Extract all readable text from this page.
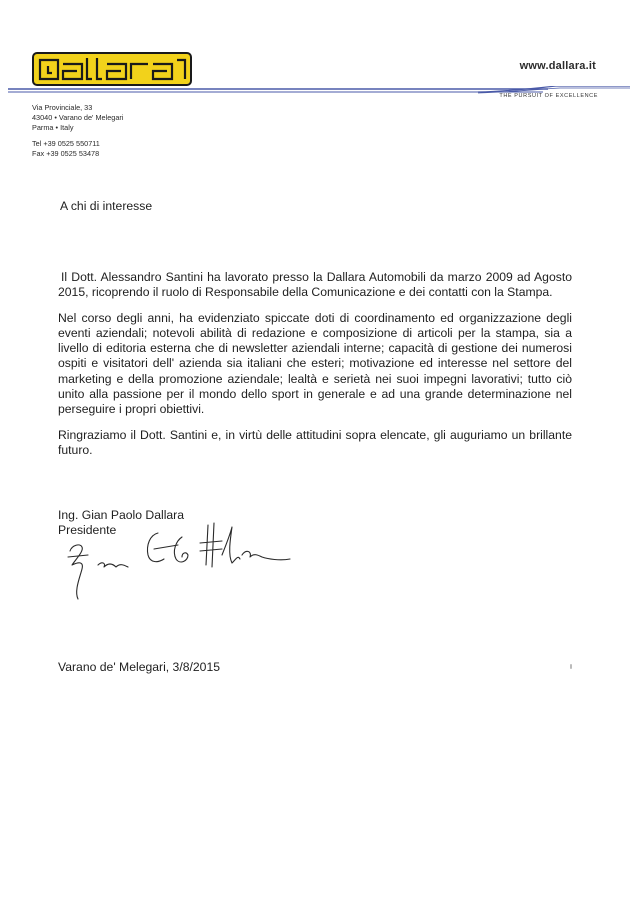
www.dallara.it
THE PURSUIT OF EXCELLENCE
Via Provinciale, 33
43040 • Varano de' Melegari
Parma • Italy
Tel +39 0525 550711
Fax +39 0525 53478
A chi di interesse

Il Dott. Alessandro Santini ha lavorato presso la Dallara Automobili da marzo 2009 ad Agosto 2015, ricoprendo il ruolo di Responsabile della Comunicazione e dei contatti con la Stampa.

Nel corso degli anni, ha evidenziato spiccate doti di coordinamento ed organizzazione degli eventi aziendali; notevoli abilità di redazione e composizione di articoli per la stampa, sia a livello di editoria esterna che di newsletter aziendali interne; capacità di gestione dei numerosi ospiti e visitatori dell' azienda sia italiani che esteri; motivazione ed interesse nel settore del marketing e della promozione aziendale; lealtà e serietà nei suoi impegni lavorativi; tutto ciò unito alla passione per il mondo dello sport in generale e ad una grande determinazione nel perseguire i propri obiettivi.

Ringraziamo il Dott. Santini e, in virtù delle attitudini sopra elencate, gli auguriamo un brillante futuro.

Ing. Gian Paolo Dallara
Presidente
Varano de' Melegari, 3/8/2015
